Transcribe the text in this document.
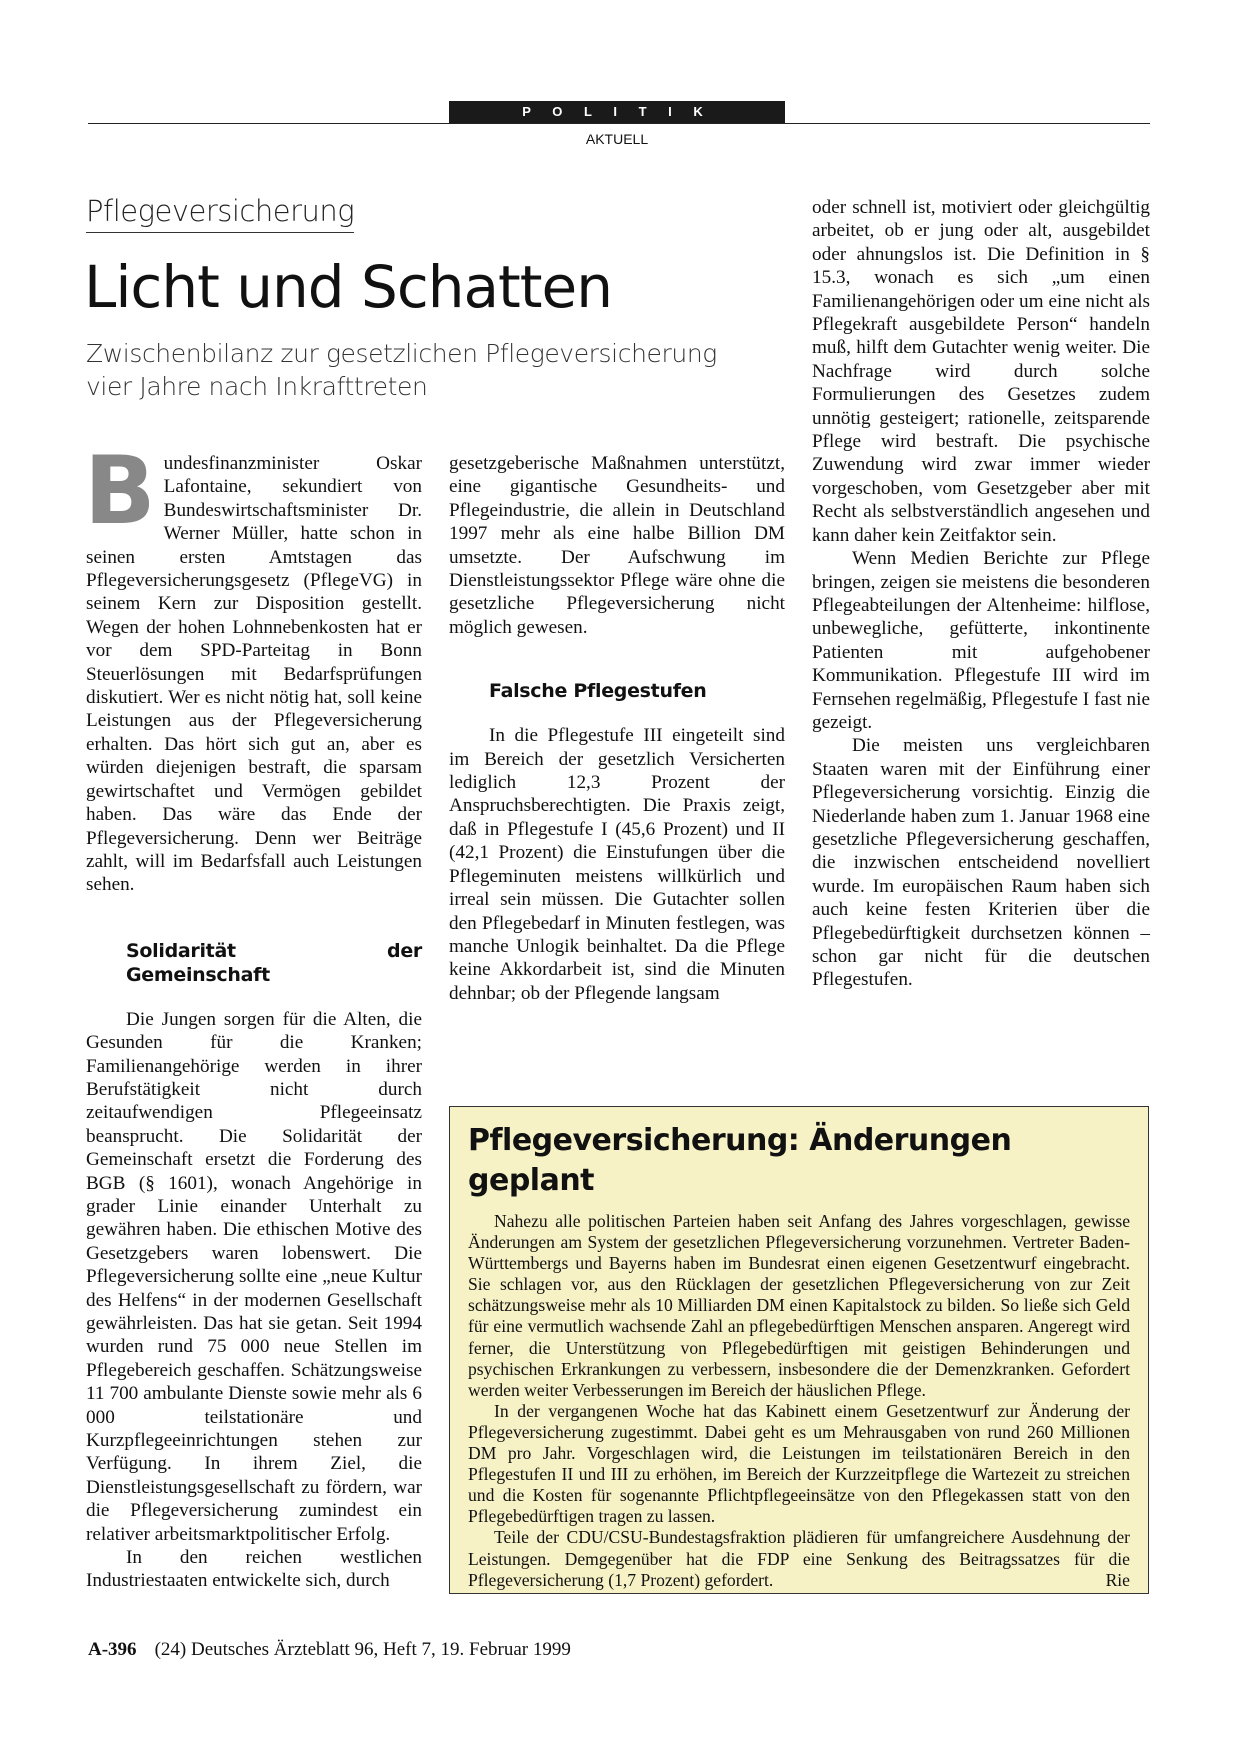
P O L I T I K
AKTUELL
Pflegeversicherung
Licht und Schatten
Zwischenbilanz zur gesetzlichen Pflegeversicherung vier Jahre nach Inkrafttreten

Bundesfinanzminister Oskar Lafontaine, sekundiert von Bundeswirtschaftsminister Dr. Werner Müller, hatte schon in seinen ersten Amtstagen das Pflegeversicherungsgesetz (PflegeVG) in seinem Kern zur Disposition gestellt. Wegen der hohen Lohnnebenkosten hat er vor dem SPD-Parteitag in Bonn Steuerlösungen mit Bedarfsprüfungen diskutiert. Wer es nicht nötig hat, soll keine Leistungen aus der Pflegeversicherung erhalten. Das hört sich gut an, aber es würden diejenigen bestraft, die sparsam gewirtschaftet und Vermögen gebildet haben. Das wäre das Ende der Pflegeversicherung. Denn wer Beiträge zahlt, will im Bedarfsfall auch Leistungen sehen.

Solidarität der Gemeinschaft

Die Jungen sorgen für die Alten, die Gesunden für die Kranken; Familienangehörige werden in ihrer Berufstätigkeit nicht durch zeitaufwendigen Pflegeeinsatz beansprucht. Die Solidarität der Gemeinschaft ersetzt die Forderung des BGB (§ 1601), wonach Angehörige in grader Linie einander Unterhalt zu gewähren haben. Die ethischen Motive des Gesetzgebers waren lobenswert. Die Pflegeversicherung sollte eine „neue Kultur des Helfens“ in der modernen Gesellschaft gewährleisten. Das hat sie getan. Seit 1994 wurden rund 75 000 neue Stellen im Pflegebereich geschaffen. Schätzungsweise 11 700 ambulante Dienste sowie mehr als 6 000 teilstationäre und Kurzpflegeeinrichtungen stehen zur Verfügung. In ihrem Ziel, die Dienstleistungsgesellschaft zu fördern, war die Pflegeversicherung zumindest ein relativer arbeitsmarktpolitischer Erfolg.

In den reichen westlichen Industriestaaten entwickelte sich, durch

gesetzgeberische Maßnahmen unterstützt, eine gigantische Gesundheits- und Pflegeindustrie, die allein in Deutschland 1997 mehr als eine halbe Billion DM umsetzte. Der Aufschwung im Dienstleistungssektor Pflege wäre ohne die gesetzliche Pflegeversicherung nicht möglich gewesen.

Falsche Pflegestufen

In die Pflegestufe III eingeteilt sind im Bereich der gesetzlich Versicherten lediglich 12,3 Prozent der Anspruchsberechtigten. Die Praxis zeigt, daß in Pflegestufe I (45,6 Prozent) und II (42,1 Prozent) die Einstufungen über die Pflegeminuten meistens willkürlich und irreal sein müssen. Die Gutachter sollen den Pflegebedarf in Minuten festlegen, was manche Unlogik beinhaltet. Da die Pflege keine Akkordarbeit ist, sind die Minuten dehnbar; ob der Pflegende langsam

oder schnell ist, motiviert oder gleichgültig arbeitet, ob er jung oder alt, ausgebildet oder ahnungslos ist. Die Definition in § 15.3, wonach es sich „um einen Familienangehörigen oder um eine nicht als Pflegekraft ausgebildete Person“ handeln muß, hilft dem Gutachter wenig weiter. Die Nachfrage wird durch solche Formulierungen des Gesetzes zudem unnötig gesteigert; rationelle, zeitsparende Pflege wird bestraft. Die psychische Zuwendung wird zwar immer wieder vorgeschoben, vom Gesetzgeber aber mit Recht als selbstverständlich angesehen und kann daher kein Zeitfaktor sein.

Wenn Medien Berichte zur Pflege bringen, zeigen sie meistens die besonderen Pflegeabteilungen der Altenheime: hilflose, unbewegliche, gefütterte, inkontinente Patienten mit aufgehobener Kommunikation. Pflegestufe III wird im Fernsehen regelmäßig, Pflegestufe I fast nie gezeigt.

Die meisten uns vergleichbaren Staaten waren mit der Einführung einer Pflegeversicherung vorsichtig. Einzig die Niederlande haben zum 1. Januar 1968 eine gesetzliche Pflegeversicherung geschaffen, die inzwischen entscheidend novelliert wurde. Im europäischen Raum haben sich auch keine festen Kriterien über die Pflegebedürftigkeit durchsetzen können – schon gar nicht für die deutschen Pflegestufen.

Pflegeversicherung: Änderungen geplant

Nahezu alle politischen Parteien haben seit Anfang des Jahres vorgeschlagen, gewisse Änderungen am System der gesetzlichen Pflegeversicherung vorzunehmen. Vertreter Baden-Württembergs und Bayerns haben im Bundesrat einen eigenen Gesetzentwurf eingebracht. Sie schlagen vor, aus den Rücklagen der gesetzlichen Pflegeversicherung von zur Zeit schätzungsweise mehr als 10 Milliarden DM einen Kapitalstock zu bilden. So ließe sich Geld für eine vermutlich wachsende Zahl an pflegebedürftigen Menschen ansparen. Angeregt wird ferner, die Unterstützung von Pflegebedürftigen mit geistigen Behinderungen und psychischen Erkrankungen zu verbessern, insbesondere die der Demenzkranken. Gefordert werden weiter Verbesserungen im Bereich der häuslichen Pflege.

In der vergangenen Woche hat das Kabinett einem Gesetzentwurf zur Änderung der Pflegeversicherung zugestimmt. Dabei geht es um Mehrausgaben von rund 260 Millionen DM pro Jahr. Vorgeschlagen wird, die Leistungen im teilstationären Bereich in den Pflegestufen II und III zu erhöhen, im Bereich der Kurzzeitpflege die Wartezeit zu streichen und die Kosten für sogenannte Pflichtpflegeeinsätze von den Pflegekassen statt von den Pflegebedürftigen tragen zu lassen.

Teile der CDU/CSU-Bundestagsfraktion plädieren für umfangreichere Ausdehnung der Leistungen. Demgegenüber hat die FDP eine Senkung des Beitragssatzes für die Pflegeversicherung (1,7 Prozent) gefordert.	Rie

A-396 (24) Deutsches Ärzteblatt 96, Heft 7, 19. Februar 1999
